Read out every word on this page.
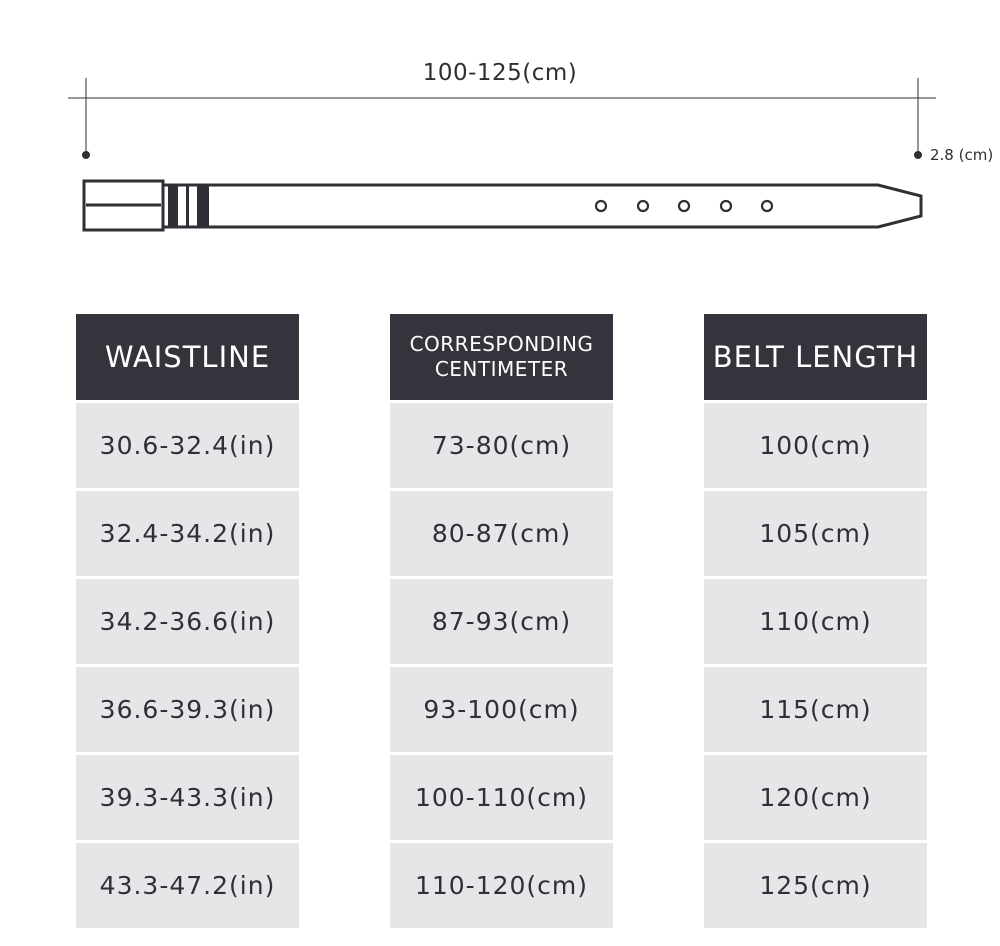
100-125(cm)
2.8 (cm)
WAISTLINE
30.6-32.4(in)
32.4-34.2(in)
34.2-36.6(in)
36.6-39.3(in)
39.3-43.3(in)
43.3-47.2(in)
CORRESPONDING
CENTIMETER
73-80(cm)
80-87(cm)
87-93(cm)
93-100(cm)
100-110(cm)
110-120(cm)
BELT LENGTH
100(cm)
105(cm)
110(cm)
115(cm)
120(cm)
125(cm)
